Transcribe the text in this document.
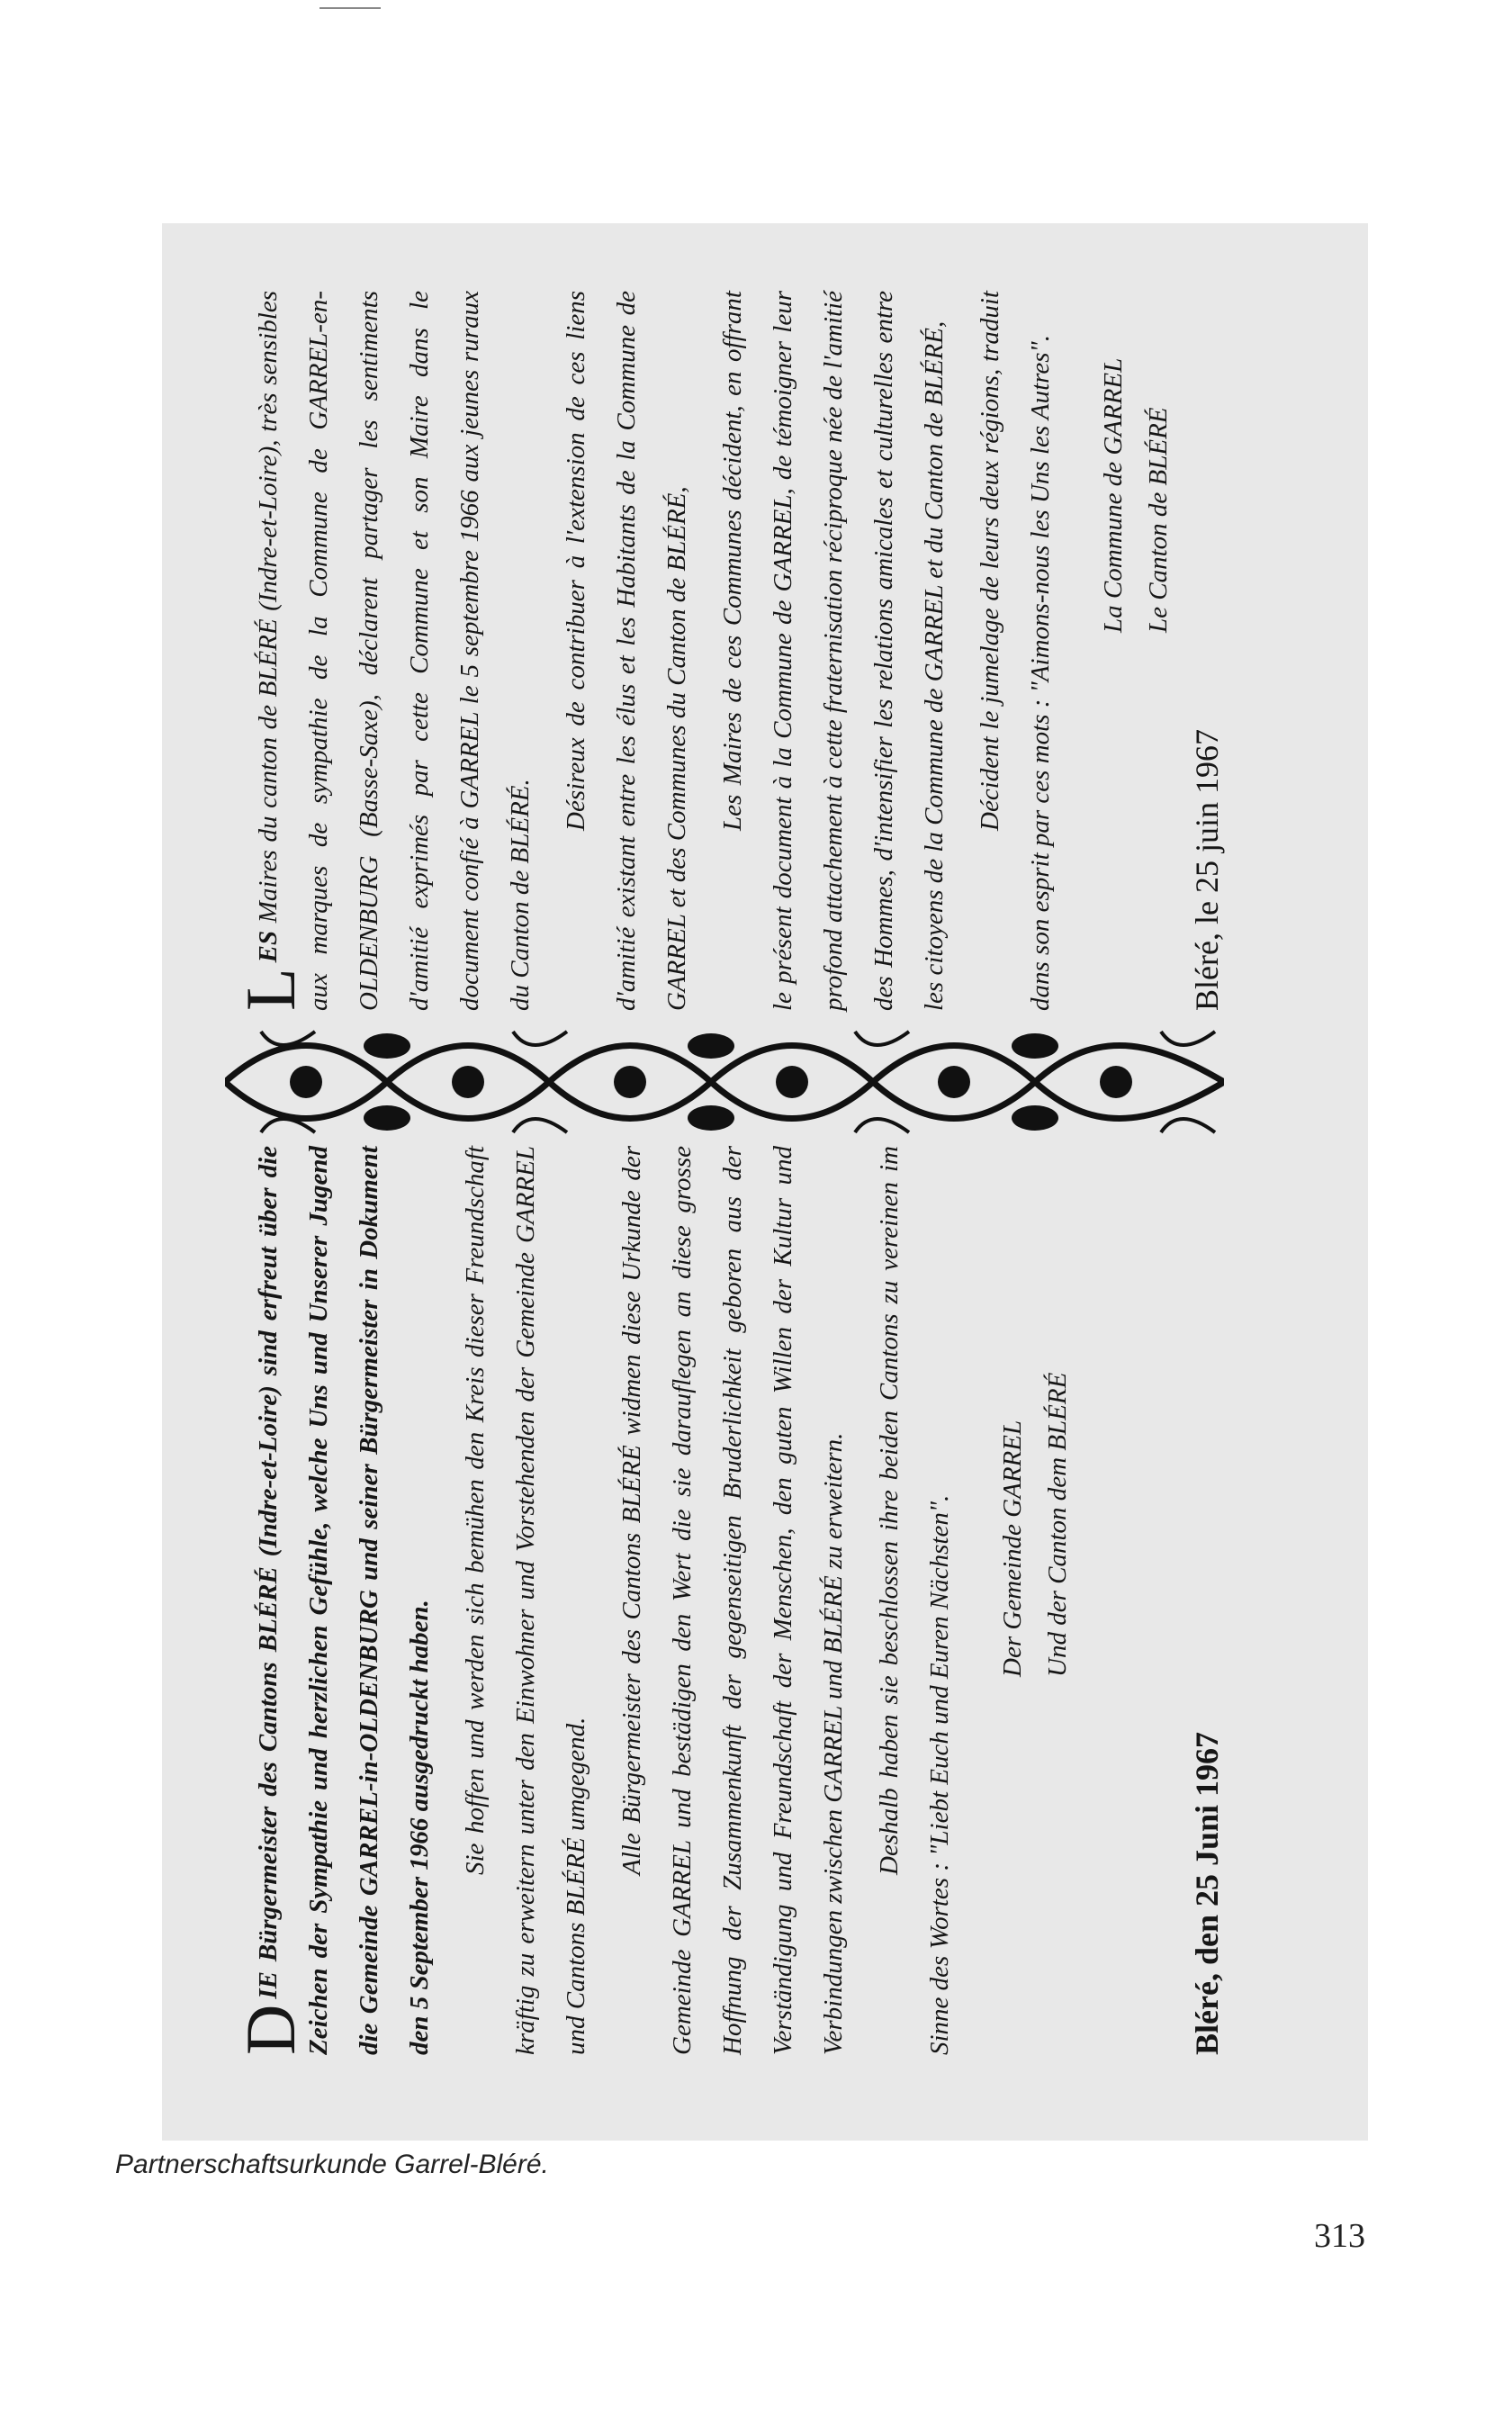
D
IE Bürgermeister des Cantons BLÉRÉ (Indre-et-Loire) sind erfreut über die Zeichen der Sympathie und herzlichen Gefühle, welche Uns und Unserer Jugend die Gemeinde GARREL-in-OLDENBURG und seiner Bürgermeister in Dokument den 5 September 1966 ausgedruckt haben.	Sie hoffen und werden sich bemühen den Kreis dieser Freundschaft kräftig zu erweitern unter den Einwohner und Vorstehenden der Gemeinde GARREL und Cantons BLÉRÉ umgegend.

Alle Bürgermeister des Cantons BLÉRÉ widmen diese Urkunde der Gemeinde GARREL und bestädigen den Wert die sie darauflegen an diese grosse Hoffnung der Zusammenkunft der gegenseitigen Bruderlichkeit geboren aus der Verständigung und Freundschaft der Menschen, den guten Willen der Kultur und Verbindungen zwischen GARREL und BLÉRÉ zu erweitern.	Deshalb haben sie beschlossen ihre beiden Cantons zu vereinen im Sinne des Wortes : "Liebt Euch und Euren Nächsten".	Der Gemeinde GARREL Und der Canton dem BLÉRÉ
Bléré, den 25 Juni 1967

L
ES Maires du canton de BLÉRÉ (Indre-et-Loire), très sensibles aux marques de sympathie de la Commune de GARREL-en-OLDENBURG (Basse-Saxe), déclarent partager les sentiments d'amitié exprimés par cette Commune et son Maire dans le document confié à GARREL le 5 septembre 1966 aux jeunes ruraux du Canton de BLÉRÉ.

Désireux de contribuer à l'extension de ces liens d'amitié existant entre les élus et les Habitants de la Commune de GARREL et des Communes du Canton de BLÉRÉ,	Les Maires de ces Communes décident, en offrant le présent document à la Commune de GARREL, de témoigner leur profond attachement à cette fraternisation réciproque née de l'amitié des Hommes, d'intensifier les relations amicales et culturelles entre les citoyens de la Commune de GARREL et du Canton de BLÉRÉ,	Décident le jumelage de leurs deux régions, traduit dans son esprit par ces mots : "Aimons-nous les Uns les Autres".	La Commune de GARREL Le Canton de BLÉRÉ
Bléré, le 25 juin 1967
Partnerschaftsurkunde Garrel-Bléré.
313
